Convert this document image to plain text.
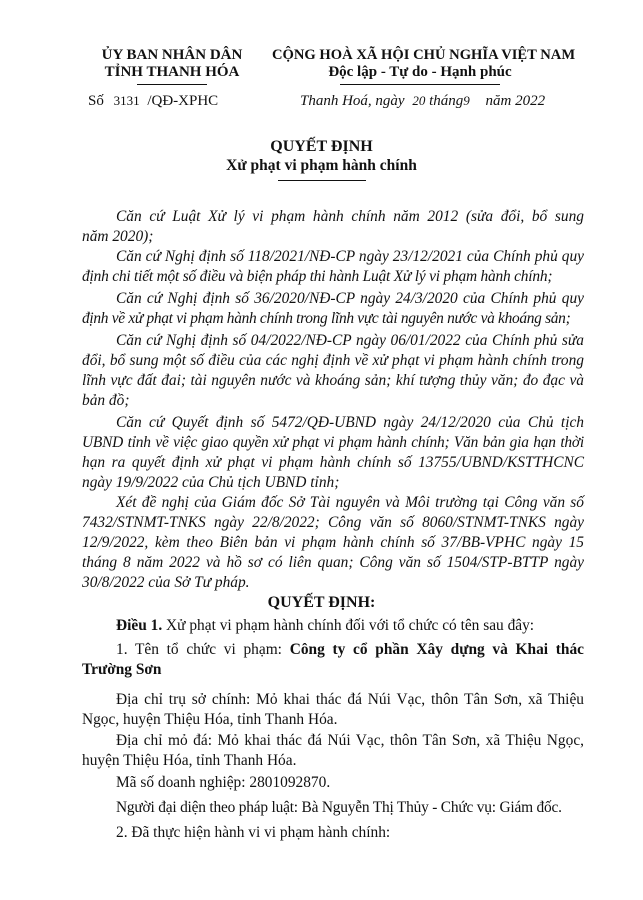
ỦY BAN NHÂN DÂN
TỈNH THANH HÓA
Số 3131 /QĐ-XPHC
CỘNG HOÀ XÃ HỘI CHỦ NGHĨA VIỆT NAM
Độc lập - Tự do - Hạnh phúc
Thanh Hoá, ngày 20 tháng9 năm 2022
QUYẾT ĐỊNH
Xử phạt vi phạm hành chính
Căn cứ Luật Xử lý vi phạm hành chính năm 2012 (sửa đổi, bổ sung
năm 2020);
Căn cứ Nghị định số 118/2021/NĐ-CP ngày 23/12/2021 của Chính phủ quy
định chi tiết một số điều và biện pháp thi hành Luật Xử lý vi phạm hành chính;
Căn cứ Nghị định số 36/2020/NĐ-CP ngày 24/3/2020 của Chính phủ quy
định về xử phạt vi phạm hành chính trong lĩnh vực tài nguyên nước và khoáng sản;
Căn cứ Nghị định số 04/2022/NĐ-CP ngày 06/01/2022 của Chính phủ sửa
đổi, bổ sung một số điều của các nghị định về xử phạt vi phạm hành chính trong
lĩnh vực đất đai; tài nguyên nước và khoáng sản; khí tượng thủy văn; đo đạc và
bản đồ;
Căn cứ Quyết định số 5472/QĐ-UBND ngày 24/12/2020 của Chủ tịch
UBND tỉnh về việc giao quyền xử phạt vi phạm hành chính; Văn bản gia hạn thời
hạn ra quyết định xử phạt vi phạm hành chính số 13755/UBND/KSTTHCNC
ngày 19/9/2022 của Chủ tịch UBND tỉnh;
Xét đề nghị của Giám đốc Sở Tài nguyên và Môi trường tại Công văn số
7432/STNMT-TNKS ngày 22/8/2022; Công văn số 8060/STNMT-TNKS ngày
12/9/2022, kèm theo Biên bản vi phạm hành chính số 37/BB-VPHC ngày 15
tháng 8 năm 2022 và hồ sơ có liên quan; Công văn số 1504/STP-BTTP ngày
30/8/2022 của Sở Tư pháp.
QUYẾT ĐỊNH:
Điều 1. Xử phạt vi phạm hành chính đối với tổ chức có tên sau đây:
1. Tên tổ chức vi phạm: Công ty cổ phần Xây dựng và Khai thác
Trường Sơn
Địa chỉ trụ sở chính: Mỏ khai thác đá Núi Vạc, thôn Tân Sơn, xã Thiệu
Ngọc, huyện Thiệu Hóa, tỉnh Thanh Hóa.
Địa chỉ mỏ đá: Mỏ khai thác đá Núi Vạc, thôn Tân Sơn, xã Thiệu Ngọc,
huyện Thiệu Hóa, tỉnh Thanh Hóa.
Mã số doanh nghiệp: 2801092870.
Người đại diện theo pháp luật: Bà Nguyễn Thị Thủy - Chức vụ: Giám đốc.
2. Đã thực hiện hành vi vi phạm hành chính:
